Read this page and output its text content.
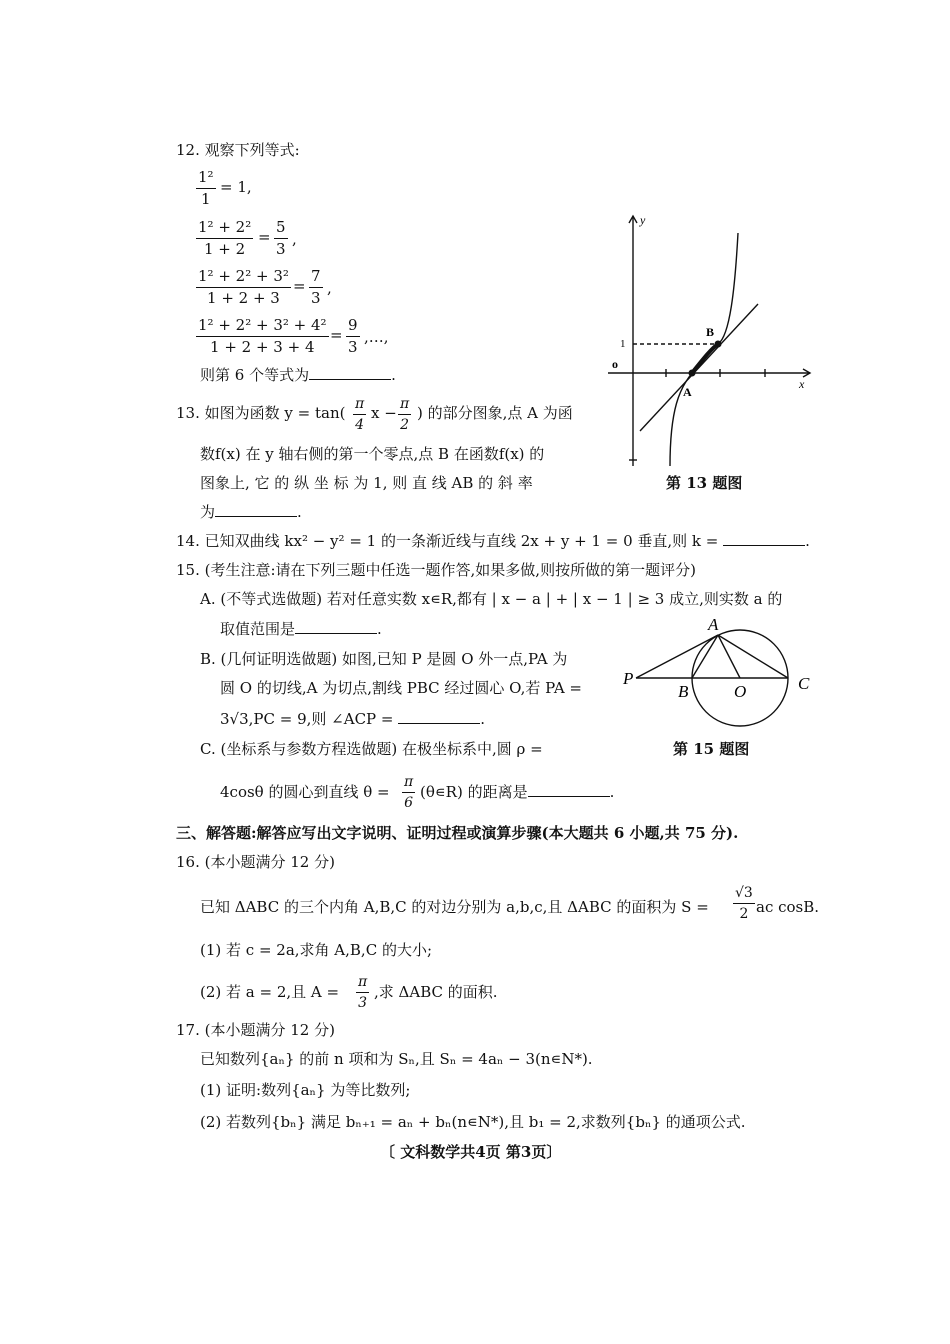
12. 观察下列等式:
$\frac{\text{1²}}{1} = 1$,
$\frac{\text{1² + 2²}}{1 + 2} = \frac{5}{3}$ ,
$\frac{\text{1² + 2² + 3²}}{1 + 2 + 3} = \frac{7}{3}$ ,
$\frac{\text{1² + 2² + 3² + 4²}}{1 + 2 + 3 + 4} = \frac{9}{3}$ ,…,
则第 6 个等式为	.
13. 如图为函数 $y = \tan( \frac{\pi}{4}$ $x - \frac{\pi}{2}$ ) 的部分图象,点 A 为函
数f(x) 在 y 轴右侧的第一个零点,点 B 在函数f(x) 的
图象上, 它 的 纵 坐 标 为 1, 则 直 线 AB 的 斜 率
为	.
y
x
1
o
A
B
第 13 题图
14. 已知双曲线 kx² − y² = 1 的一条渐近线与直线 2x + y + 1 = 0 垂直,则 k =	.
15. (考生注意:请在下列三题中任选一题作答,如果多做,则按所做的第一题评分)
A. (不等式选做题) 若对任意实数 x∊R,都有 | x − a | + | x − 1 | ≥ 3 成立,则实数 a 的
取值范围是	.
B. (几何证明选做题) 如图,已知 P 是圆 O 外一点,PA 为
圆 O 的切线,A 为切点,割线 PBC 经过圆心 O,若 PA =
3√3,PC = 9,则 ∠ACP =	.
C. (坐标系与参数方程选做题) 在极坐标系中,圆 ρ =
4cosθ 的圆心到直线 $\theta = \frac{\pi}{6}$ (θ∊R) 的距离是	.
A
P
B	O	C
第 15 题图
三、解答题:解答应写出文字说明、证明过程或演算步骤(本大题共 6 小题,共 75 分).
16. (本小题满分 12 分)
已知 ΔABC 的三个内角 A,B,C 的对边分别为 a,b,c,且 ΔABC 的面积为 $S = \frac{√3}{2}$ ac cosB.
(1) 若 c = 2a,求角 A,B,C 的大小;
(2) 若 a = 2,且 $A = \frac{\pi}{3}$ ,求 ΔABC 的面积.
17. (本小题满分 12 分)
已知数列{aₙ} 的前 n 项和为 Sₙ,且 Sₙ = 4aₙ − 3(n∊N*).
(1) 证明:数列{aₙ} 为等比数列;
(2) 若数列{bₙ} 满足 bₙ₊₁ = aₙ + bₙ(n∊N*),且 b₁ = 2,求数列{bₙ} 的通项公式.
〔 文科数学共4页 第3页〕
